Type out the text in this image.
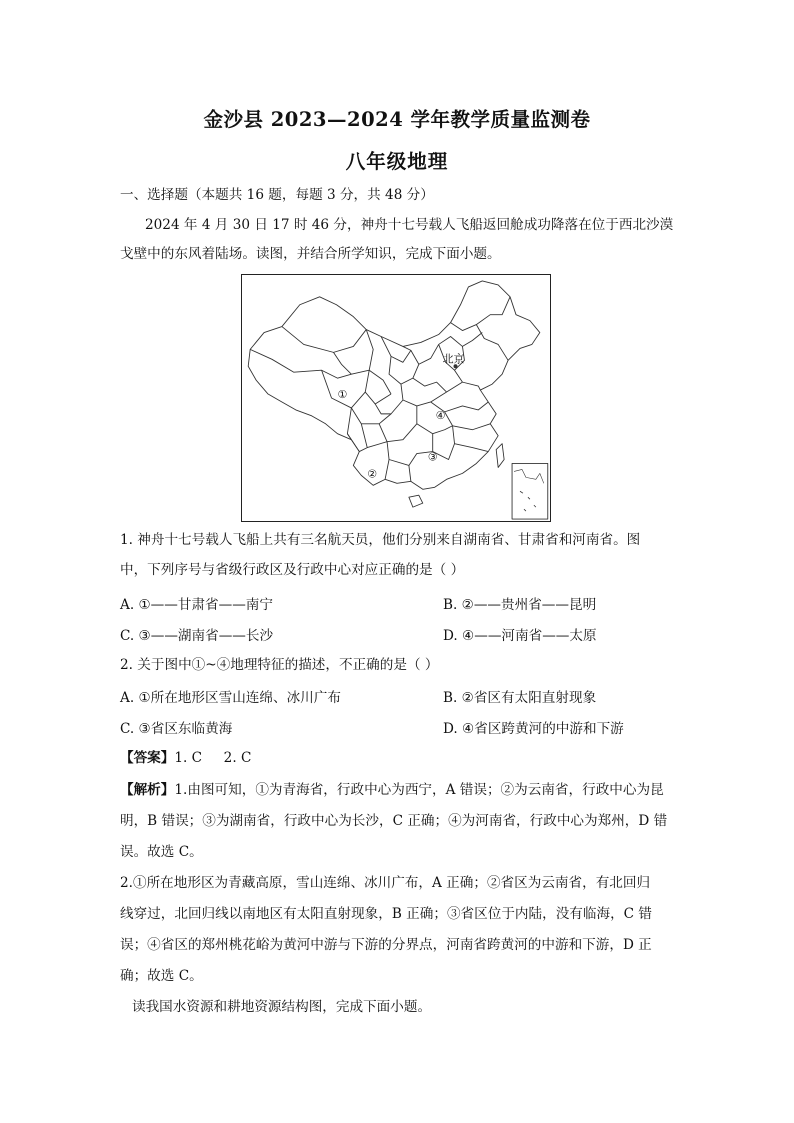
金沙县 2023—2024 学年教学质量监测卷
八年级地理
一、选择题（本题共 16 题，每题 3 分，共 48 分）
2024 年 4 月 30 日 17 时 46 分，神舟十七号载人飞船返回舱成功降落在位于西北沙漠
戈壁中的东风着陆场。读图，并结合所学知识，完成下面小题。
北京
①
②
③
④
1. 神舟十七号载人飞船上共有三名航天员，他们分别来自湖南省、甘肃省和河南省。图
中，下列序号与省级行政区及行政中心对应正确的是（ ）
A. ①——甘肃省——南宁	B. ②——贵州省——昆明
C. ③——湖南省——长沙	D. ④——河南省——太原
2. 关于图中①~④地理特征的描述，不正确的是（ ）
A. ①所在地形区雪山连绵、冰川广布	B. ②省区有太阳直射现象
C. ③省区东临黄海	D. ④省区跨黄河的中游和下游
【答案】1. C     2. C
【解析】1.由图可知，①为青海省，行政中心为西宁，A 错误；②为云南省，行政中心为昆
明，B 错误；③为湖南省，行政中心为长沙，C 正确；④为河南省，行政中心为郑州，D 错
误。故选 C。
2.①所在地形区为青藏高原，雪山连绵、冰川广布，A 正确；②省区为云南省，有北回归
线穿过，北回归线以南地区有太阳直射现象，B 正确；③省区位于内陆，没有临海，C 错
误；④省区的郑州桃花峪为黄河中游与下游的分界点，河南省跨黄河的中游和下游，D 正
确；故选 C。
读我国水资源和耕地资源结构图，完成下面小题。
